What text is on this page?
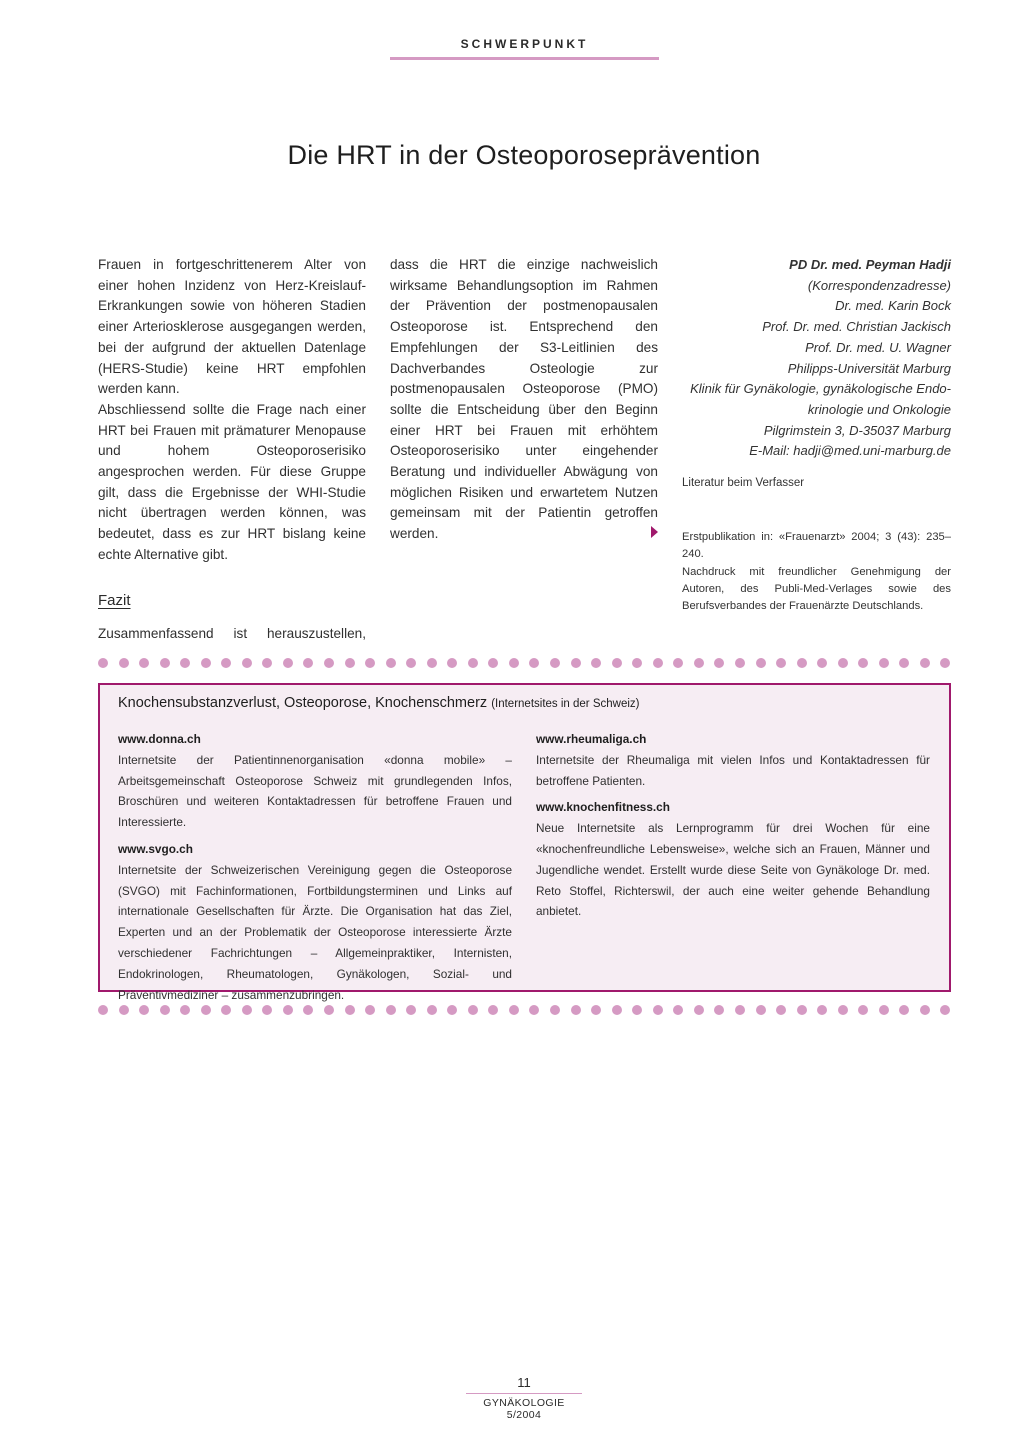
SCHWERPUNKT
Die HRT in der Osteoporoseprävention

Frauen in fortgeschrittenerem Alter von einer hohen Inzidenz von Herz-Kreislauf-Erkrankungen sowie von höheren Stadien einer Arteriosklerose ausgegangen werden, bei der aufgrund der aktuellen Datenlage (HERS-Studie) keine HRT empfohlen werden kann.

Abschliessend sollte die Frage nach einer HRT bei Frauen mit prämaturer Menopause und hohem Osteoporoserisiko angesprochen werden. Für diese Gruppe gilt, dass die Ergebnisse der WHI-Studie nicht übertragen werden können, was bedeutet, dass es zur HRT bislang keine echte Alternative gibt.

Fazit
Zusammenfassend ist herauszustellen,

dass die HRT die einzige nachweislich wirksame Behandlungsoption im Rahmen der Prävention der postmenopausalen Osteoporose ist. Entsprechend den Empfehlungen der S3-Leitlinien des Dachverbandes Osteologie zur postmenopausalen Osteoporose (PMO) sollte die Entscheidung über den Beginn einer HRT bei Frauen mit erhöhtem Osteoporoserisiko unter eingehender Beratung und individueller Abwägung von möglichen Risiken und erwartetem Nutzen gemeinsam mit der Patientin getroffen werden.

PD Dr. med. Peyman Hadji
(Korrespondenzadresse)
Dr. med. Karin Bock
Prof. Dr. med. Christian Jackisch
Prof. Dr. med. U. Wagner
Philipps-Universität Marburg
Klinik für Gynäkologie, gynäkologische Endo-
krinologie und Onkologie
Pilgrimstein 3, D-35037 Marburg
E-Mail: hadji@med.uni-marburg.de
Literatur beim Verfasser
Erstpublikation in: «Frauenarzt» 2004; 3 (43): 235–240.
Nachdruck mit freundlicher Genehmigung der Autoren, des Publi-Med-Verlages sowie des Berufsverbandes der Frauenärzte Deutschlands.
Knochensubstanzverlust, Osteoporose, Knochenschmerz (Internetsites in der Schweiz)
www.donna.ch
Internetsite der Patientinnenorganisation «donna mobile» – Arbeitsgemeinschaft Osteoporose Schweiz mit grundlegenden Infos, Broschüren und weiteren Kontaktadressen für betroffene Frauen und Interessierte.
www.svgo.ch
Internetsite der Schweizerischen Vereinigung gegen die Osteoporose (SVGO) mit Fachinformationen, Fortbildungsterminen und Links auf internationale Gesellschaften für Ärzte. Die Organisation hat das Ziel, Experten und an der Problematik der Osteoporose interessierte Ärzte verschiedener Fachrichtungen – Allgemeinpraktiker, Internisten, Endokrinologen, Rheumatologen, Gynäkologen, Sozial- und Präventivmediziner – zusammenzubringen.
www.rheumaliga.ch
Internetsite der Rheumaliga mit vielen Infos und Kontaktadressen für betroffene Patienten.
www.knochenfitness.ch
Neue Internetsite als Lernprogramm für drei Wochen für eine «knochenfreundliche Lebensweise», welche sich an Frauen, Männer und Jugendliche wendet. Erstellt wurde diese Seite von Gynäkologe Dr. med. Reto Stoffel, Richterswil, der auch eine weiter gehende Behandlung anbietet.
11
GYNÄKOLOGIE 5/2004
